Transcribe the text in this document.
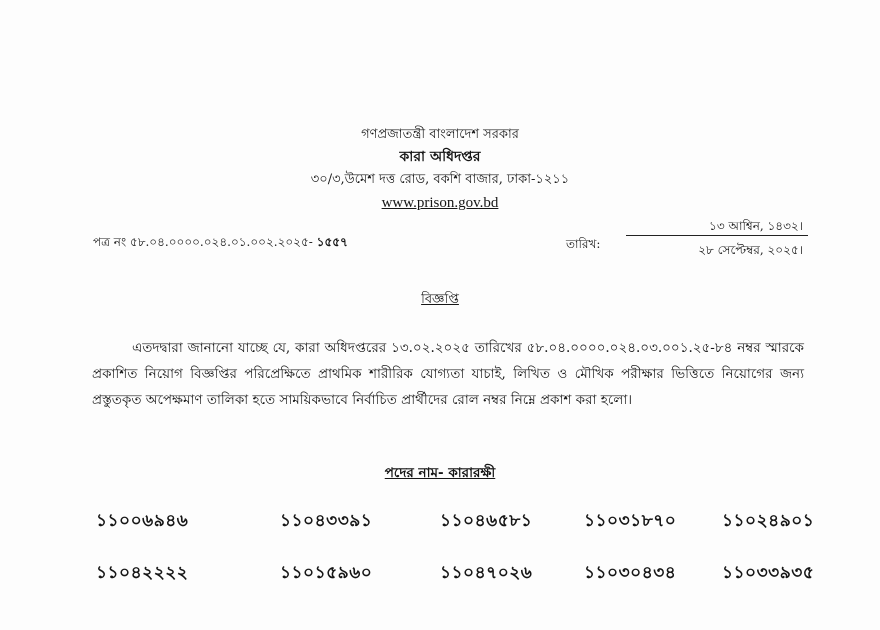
গণপ্রজাতন্ত্রী বাংলাদেশ সরকার
কারা অধিদপ্তর
৩০/৩,উমেশ দত্ত রোড, বকশি বাজার, ঢাকা-১২১১
www.prison.gov.bd
পত্র নং ৫৮.০৪.০০০০.০২৪.০১.০০২.২০২৫- ১৫৫৭	তারিখ:
১৩ আশ্বিন, ১৪৩২।
২৮ সেপ্টেম্বর, ২০২৫।
বিজ্ঞপ্তি

এতদদ্বারা জানানো যাচ্ছে যে, কারা অধিদপ্তরের ১৩.০২.২০২৫ তারিখের ৫৮.০৪.০০০০.০২৪.০৩.০০১.২৫-৮৪ নম্বর স্মারকে প্রকাশিত নিয়োগ বিজ্ঞপ্তির পরিপ্রেক্ষিতে প্রাথমিক শারীরিক যোগ্যতা যাচাই, লিখিত ও মৌখিক পরীক্ষার ভিত্তিতে নিয়োগের জন্য প্রস্তুতকৃত অপেক্ষমাণ তালিকা হতে সাময়িকভাবে নির্বাচিত প্রার্থীদের রোল নম্বর নিম্নে প্রকাশ করা হলো।

পদের নাম- কারারক্ষী
১১০০৬৯৪৬	১১০৪৩৩৯১	১১০৪৬৫৮১	১১০৩১৮৭০	১১০২৪৯০১
১১০৪২২২২	১১০১৫৯৬০	১১০৪৭০২৬	১১০৩০৪৩৪	১১০৩৩৯৩৫
